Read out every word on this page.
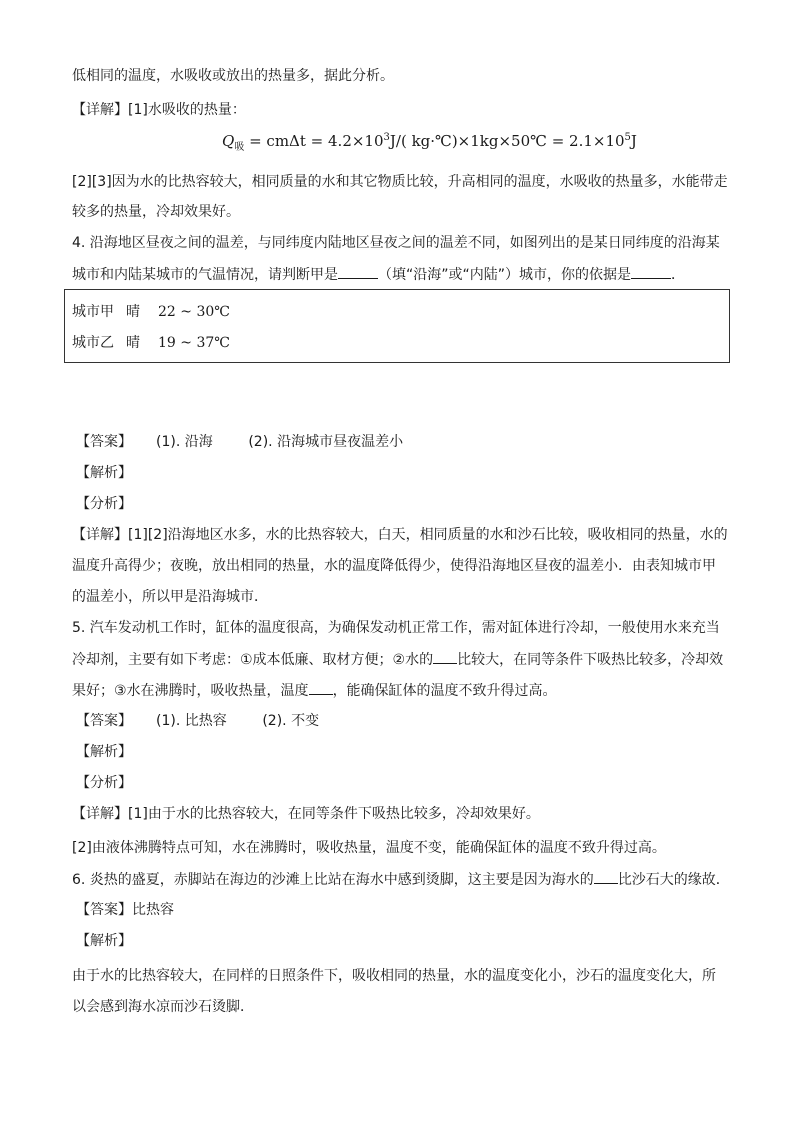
低相同的温度，水吸收或放出的热量多，据此分析。
【详解】[1]水吸收的热量：
$Q_吸 = cm\Delta t = 4.2\times 10^3J/$( kg·℃)×1kg×50℃ = $2.1\times 10^5J$
[2][3]因为水的比热容较大，相同质量的水和其它物质比较，升高相同的温度，水吸收的热量多，水能带走
较多的热量，冷却效果好。
4. 沿海地区昼夜之间的温差，与同纬度内陆地区昼夜之间的温差不同，如图列出的是某日同纬度的沿海某
城市和内陆某城市的气温情况，请判断甲是	（填“沿海”或“内陆”）城市，你的依据是	．
城市甲 晴 22 ~ 30℃
城市乙 晴 19 ~ 37℃
【答案】 (1). 沿海        (2). 沿海城市昼夜温差小
【解析】
【分析】
【详解】[1][2]沿海地区水多，水的比热容较大，白天，相同质量的水和沙石比较，吸收相同的热量，水的
温度升高得少；夜晚，放出相同的热量，水的温度降低得少，使得沿海地区昼夜的温差小．由表知城市甲
的温差小，所以甲是沿海城市．
5. 汽车发动机工作时，缸体的温度很高，为确保发动机正常工作，需对缸体进行冷却，一般使用水来充当
冷却剂，主要有如下考虑：①成本低廉、取材方便；②水的 比较大，在同等条件下吸热比较多，冷却效
果好；③水在沸腾时，吸收热量，温度 ，能确保缸体的温度不致升得过高。
【答案】 (1). 比热容        (2). 不变
【解析】
【分析】
【详解】[1]由于水的比热容较大，在同等条件下吸热比较多，冷却效果好。
[2]由液体沸腾特点可知，水在沸腾时，吸收热量，温度不变，能确保缸体的温度不致升得过高。
6. 炎热的盛夏，赤脚站在海边的沙滩上比站在海水中感到烫脚，这主要是因为海水的 比沙石大的缘故．
【答案】比热容
【解析】
由于水的比热容较大，在同样的日照条件下，吸收相同的热量，水的温度变化小，沙石的温度变化大，所
以会感到海水凉而沙石烫脚．
